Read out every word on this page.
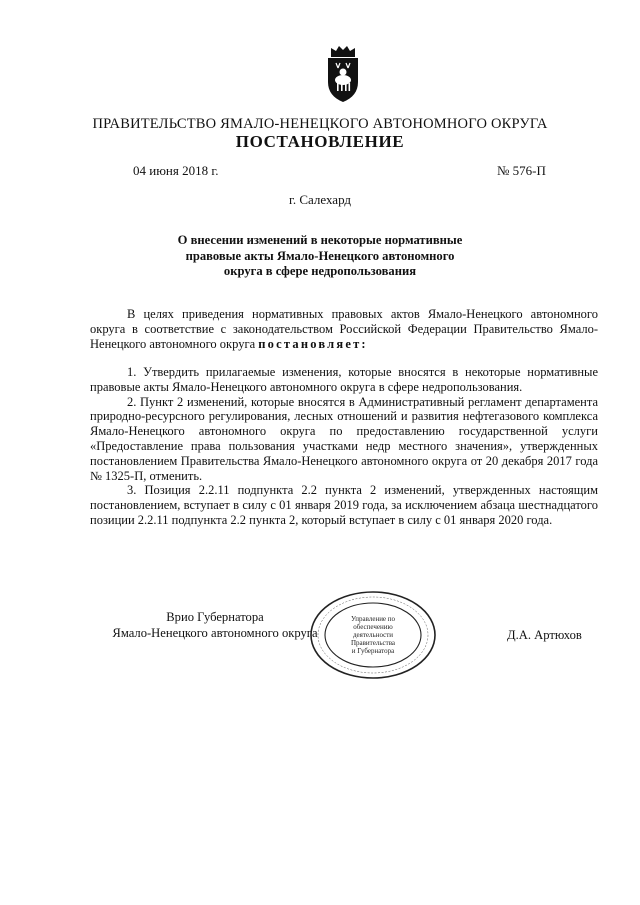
ПРАВИТЕЛЬСТВО ЯМАЛО-НЕНЕЦКОГО АВТОНОМНОГО ОКРУГА
ПОСТАНОВЛЕНИЕ
04 июня 2018 г.	№ 576-П
г. Салехард
О внесении изменений в некоторые нормативные
правовые акты Ямало-Ненецкого автономного
округа в сфере недропользования

В целях приведения нормативных правовых актов Ямало-Ненецкого автономного округа в соответствие с законодательством Российской Федерации Правительство Ямало-Ненецкого автономного округа постановляет:

1. Утвердить прилагаемые изменения, которые вносятся в некоторые нормативные правовые акты Ямало-Ненецкого автономного округа в сфере недропользования.

2. Пункт 2 изменений, которые вносятся в Административный регламент департамента природно-ресурсного регулирования, лесных отношений и развития нефтегазового комплекса Ямало-Ненецкого автономного округа по предоставлению государственной услуги «Предоставление права пользования участками недр местного значения», утвержденных постановлением Правительства Ямало-Ненецкого автономного округа от 20 декабря 2017 года № 1325-П, отменить.

3. Позиция 2.2.11 подпункта 2.2 пункта 2 изменений, утвержденных настоящим постановлением, вступает в силу с 01 января 2019 года, за исключением абзаца шестнадцатого позиции 2.2.11 подпункта 2.2 пункта 2, который вступает в силу с 01 января 2020 года.

Врио Губернатора
Ямало-Ненецкого автономного округа	Д.А. Артюхов
Управление по
обеспечению
деятельности
Правительства
и Губернатора
